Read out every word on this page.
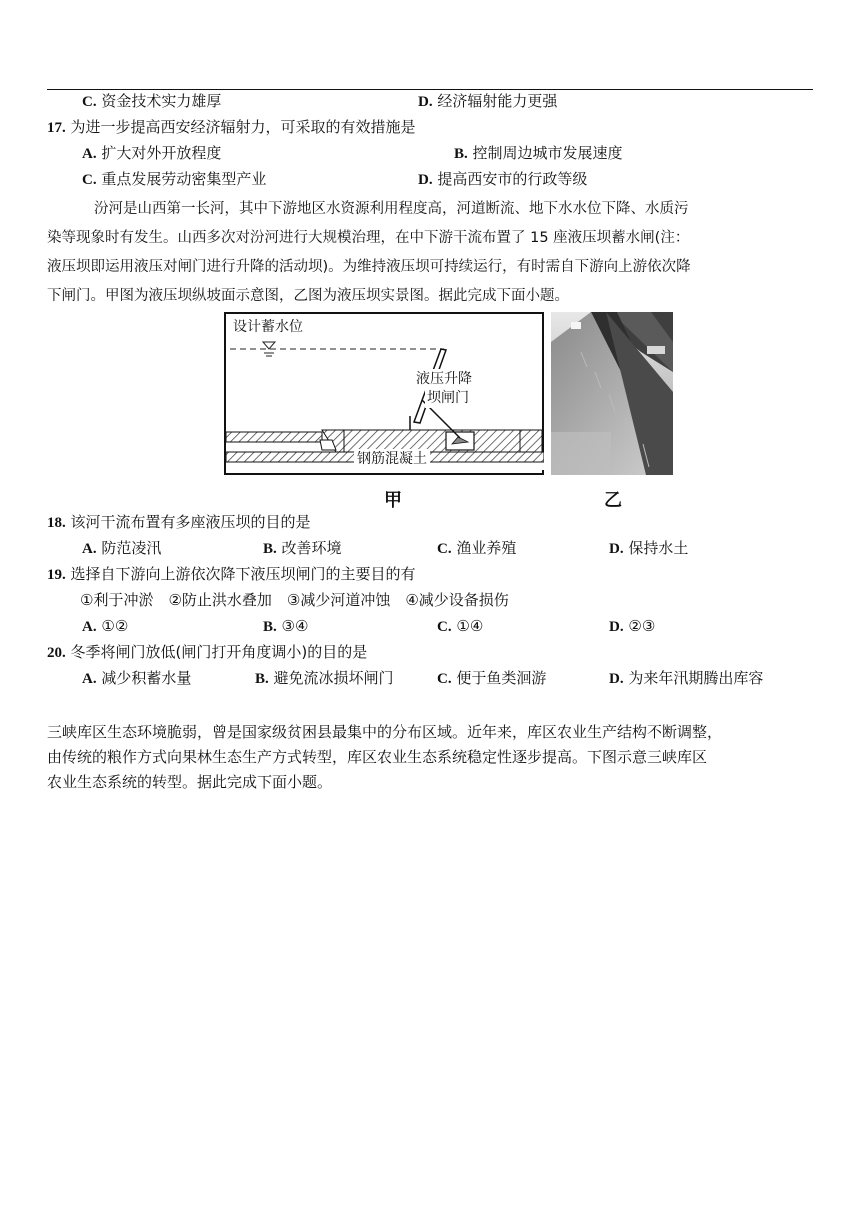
C. 资金技术实力雄厚	D. 经济辐射能力更强
17. 为进一步提高西安经济辐射力，可采取的有效措施是
A. 扩大对外开放程度	B. 控制周边城市发展速度
C. 重点发展劳动密集型产业	D. 提高西安市的行政等级
汾河是山西第一长河，其中下游地区水资源利用程度高，河道断流、地下水水位下降、水质污
染等现象时有发生。山西多次对汾河进行大规模治理，在中下游干流布置了 15 座液压坝蓄水闸(注：
液压坝即运用液压对闸门进行升降的活动坝)。为维持液压坝可持续运行，有时需自下游向上游依次降
下闸门。甲图为液压坝纵坡面示意图，乙图为液压坝实景图。据此完成下面小题。
设计蓄水位
液压升降
坝闸门
钢筋混凝土
甲	乙
18. 该河干流布置有多座液压坝的目的是
A. 防范凌汛	B. 改善环境	C. 渔业养殖	D. 保持水土
19. 选择自下游向上游依次降下液压坝闸门的主要目的有
①利于冲淤　②防止洪水叠加　③减少河道冲蚀　④减少设备损伤
A. ①②	B. ③④	C. ①④	D. ②③
20. 冬季将闸门放低(闸门打开角度调小)的目的是
A. 减少积蓄水量	B. 避免流冰损坏闸门	C. 便于鱼类洄游	D. 为来年汛期腾出库容
三峡库区生态环境脆弱，曾是国家级贫困县最集中的分布区域。近年来，库区农业生产结构不断调整，
由传统的粮作方式向果林生态生产方式转型，库区农业生态系统稳定性逐步提高。下图示意三峡库区
农业生态系统的转型。据此完成下面小题。
